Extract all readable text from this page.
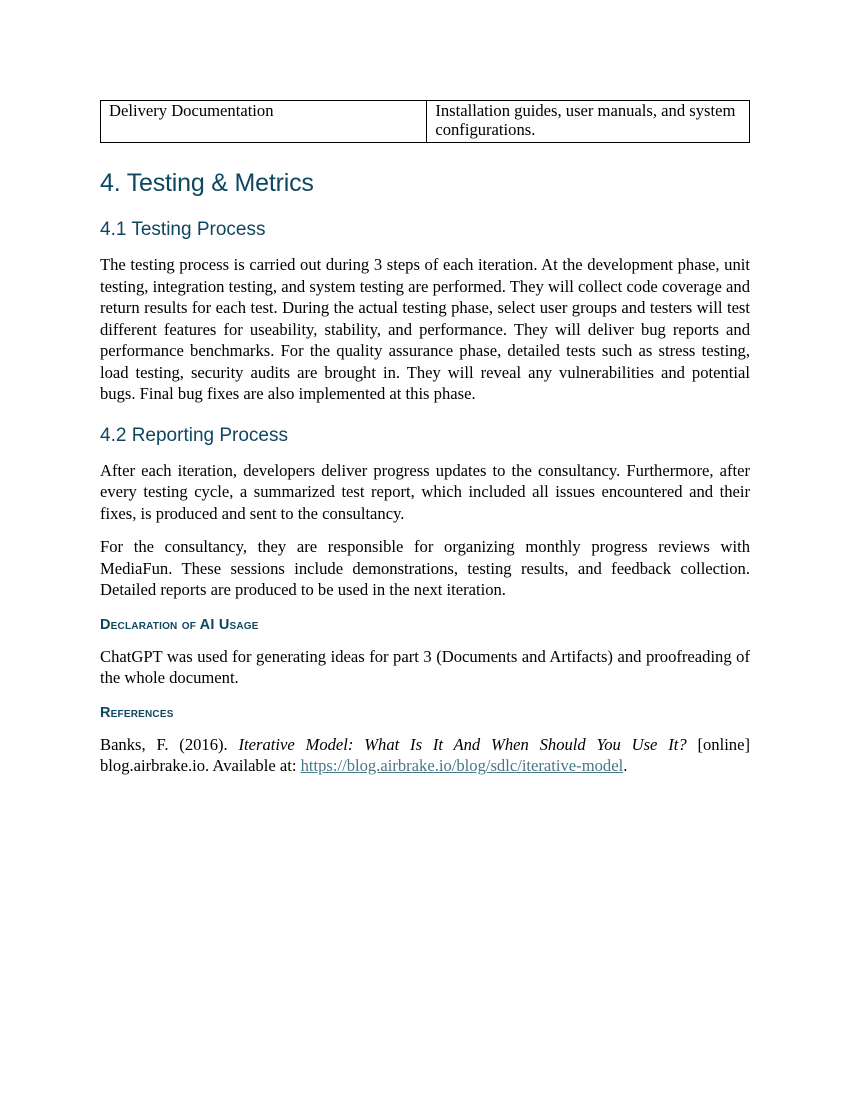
Delivery Documentation	Installation guides, user manuals, and system configurations.
4. Testing & Metrics
4.1 Testing Process

The testing process is carried out during 3 steps of each iteration. At the development phase, unit testing, integration testing, and system testing are performed. They will collect code coverage and return results for each test. During the actual testing phase, select user groups and testers will test different features for useability, stability, and performance. They will deliver bug reports and performance benchmarks. For the quality assurance phase, detailed tests such as stress testing, load testing, security audits are brought in. They will reveal any vulnerabilities and potential bugs. Final bug fixes are also implemented at this phase.

4.2 Reporting Process

After each iteration, developers deliver progress updates to the consultancy. Furthermore, after every testing cycle, a summarized test report, which included all issues encountered and their fixes, is produced and sent to the consultancy.

For the consultancy, they are responsible for organizing monthly progress reviews with MediaFun. These sessions include demonstrations, testing results, and feedback collection. Detailed reports are produced to be used in the next iteration.

Declaration of AI Usage

ChatGPT was used for generating ideas for part 3 (Documents and Artifacts) and proofreading of the whole document.

References

Banks, F. (2016). Iterative Model: What Is It And When Should You Use It? [online] blog.airbrake.io. Available at: https://blog.airbrake.io/blog/sdlc/iterative-model.
